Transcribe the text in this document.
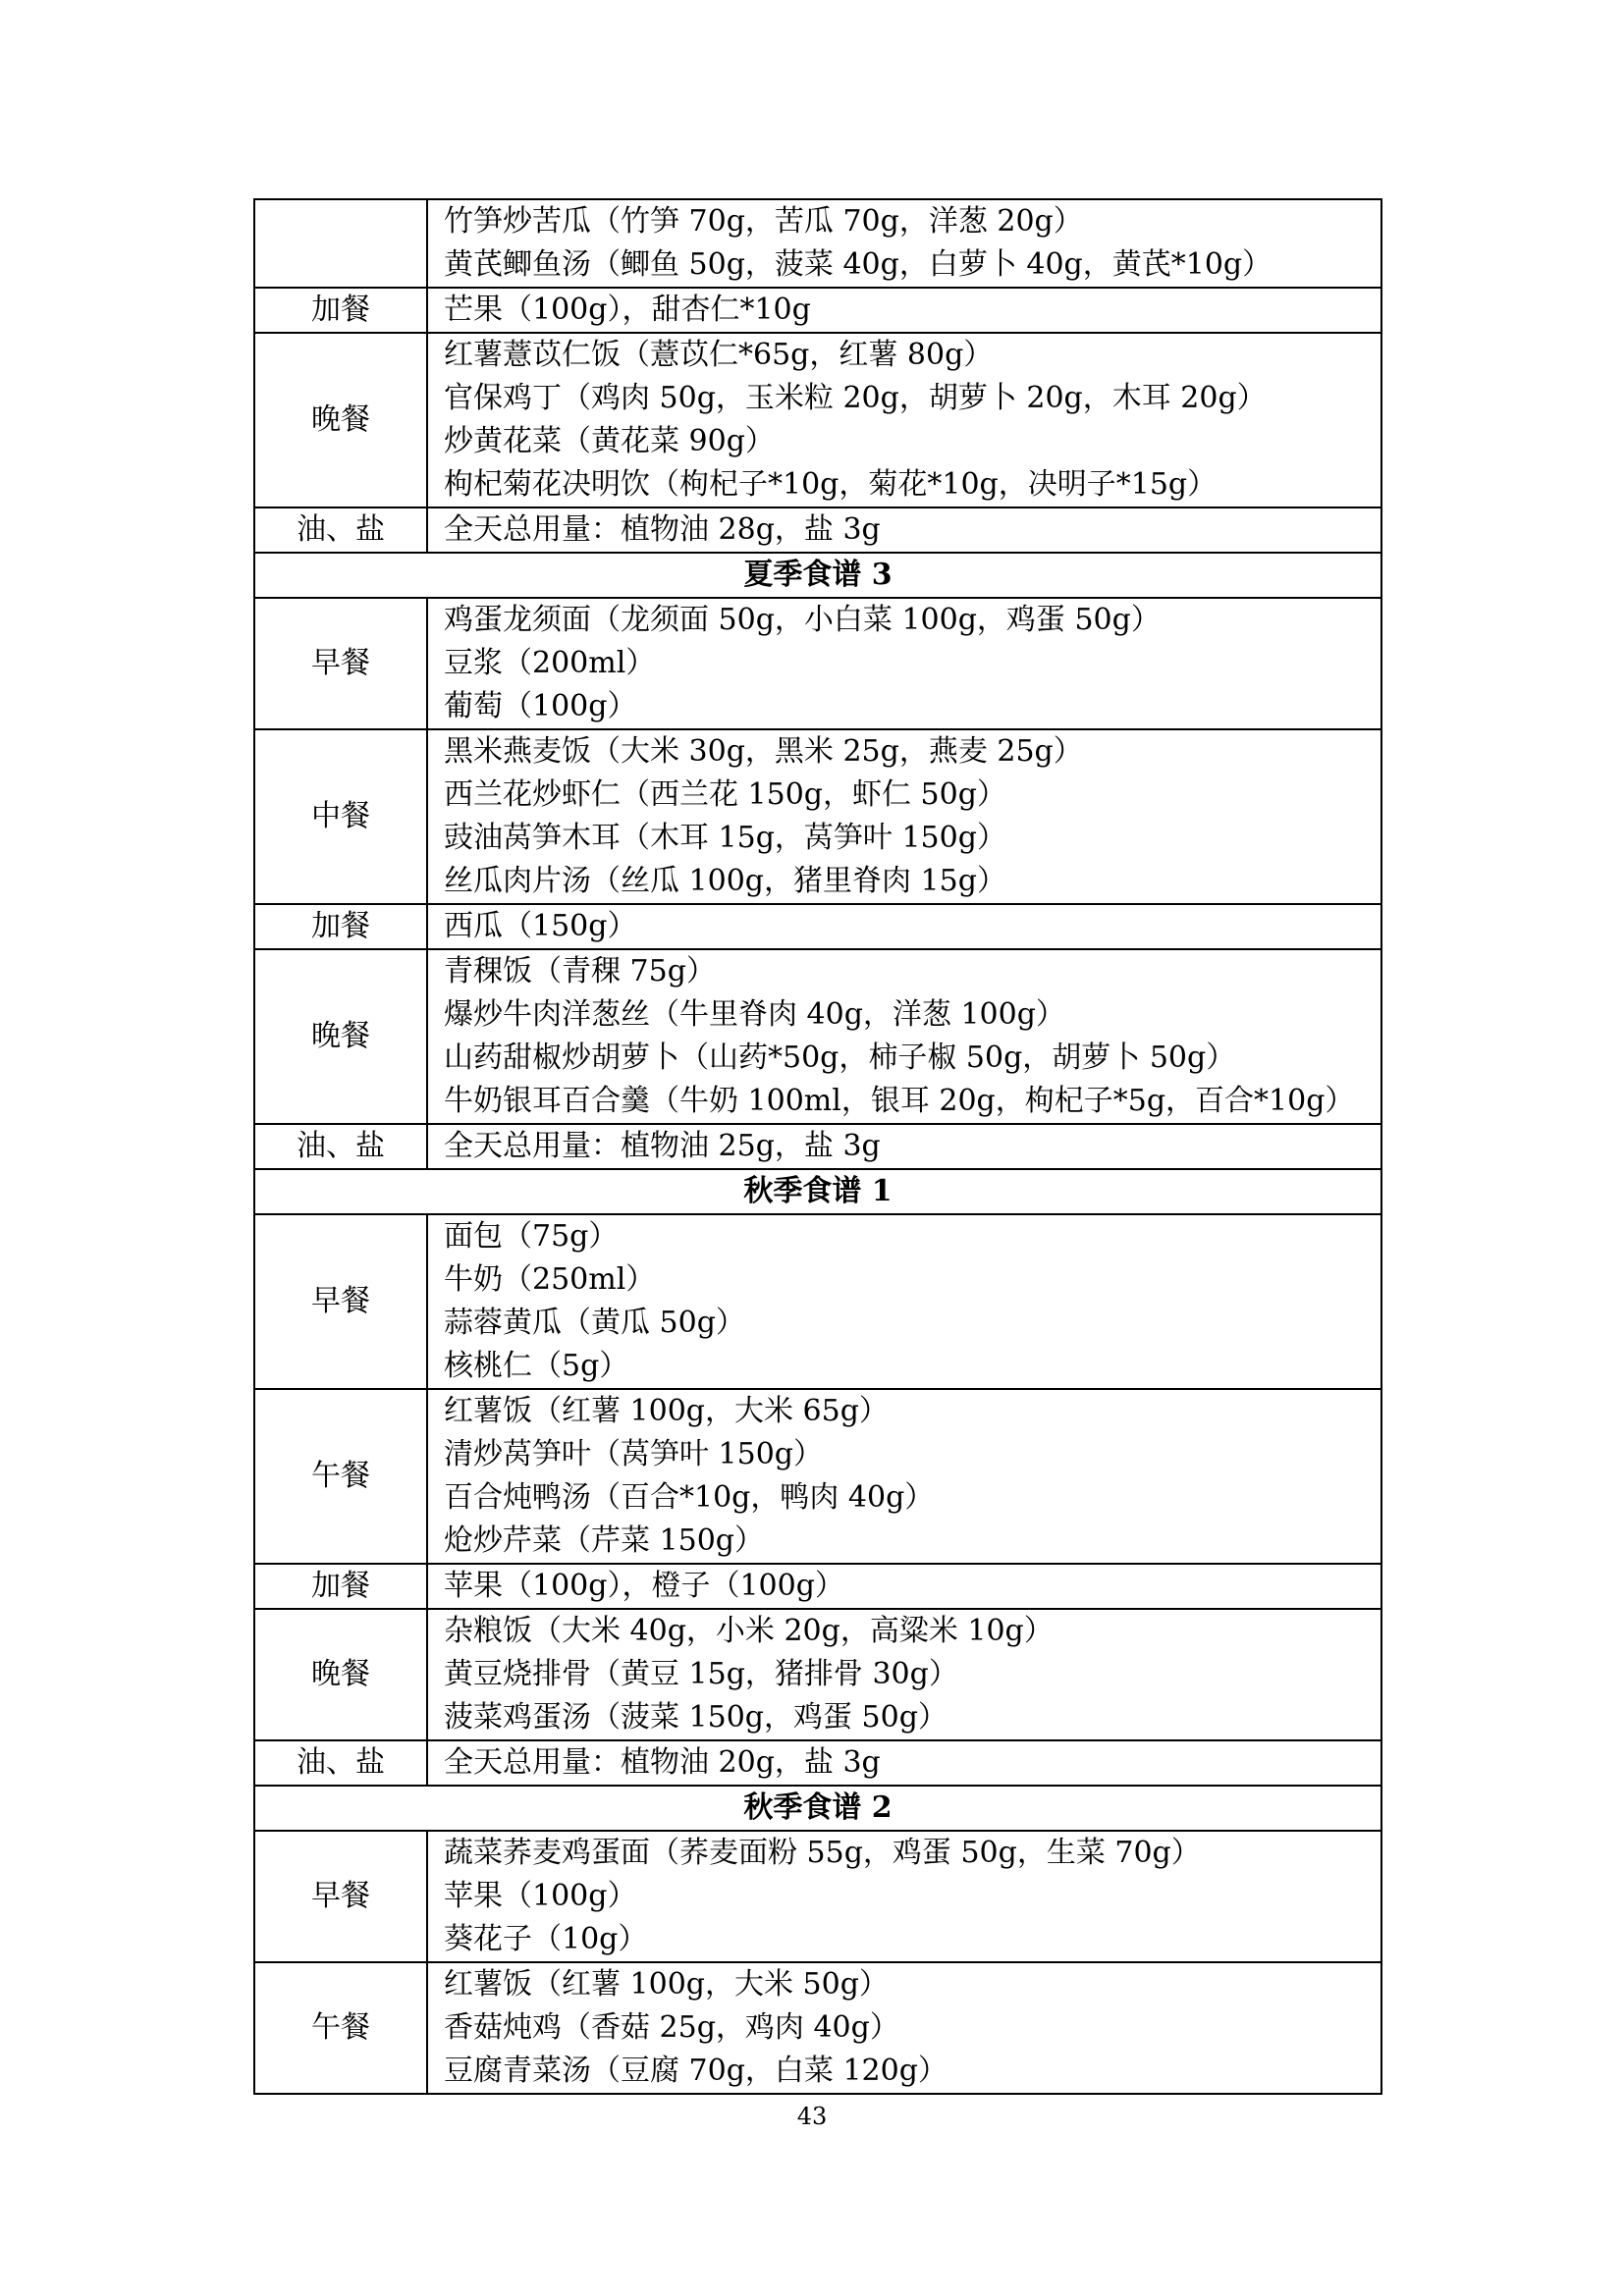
	竹笋炒苦瓜（竹笋 70g，苦瓜 70g，洋葱 20g）
黄芪鲫鱼汤（鲫鱼 50g，菠菜 40g，白萝卜 40g，黄芪*10g）

加餐	芒果（100g），甜杏仁*10g

晚餐	红薯薏苡仁饭（薏苡仁*65g，红薯 80g）
官保鸡丁（鸡肉 50g，玉米粒 20g，胡萝卜 20g，木耳 20g）
炒黄花菜（黄花菜 90g）
枸杞菊花决明饮（枸杞子*10g，菊花*10g，决明子*15g）

油、盐	全天总用量：植物油 28g，盐 3g

夏季食谱 3	
早餐	鸡蛋龙须面（龙须面 50g，小白菜 100g，鸡蛋 50g）
豆浆（200ml）
葡萄（100g）

中餐	黑米燕麦饭（大米 30g，黑米 25g，燕麦 25g）
西兰花炒虾仁（西兰花 150g，虾仁 50g）
豉油莴笋木耳（木耳 15g，莴笋叶 150g）
丝瓜肉片汤（丝瓜 100g，猪里脊肉 15g）

加餐	西瓜（150g）

晚餐	青稞饭（青稞 75g）
爆炒牛肉洋葱丝（牛里脊肉 40g，洋葱 100g）
山药甜椒炒胡萝卜（山药*50g，柿子椒 50g，胡萝卜 50g）
牛奶银耳百合羹（牛奶 100ml，银耳 20g，枸杞子*5g，百合*10g）

油、盐	全天总用量：植物油 25g，盐 3g

秋季食谱 1	
早餐	面包（75g）
牛奶（250ml）
蒜蓉黄瓜（黄瓜 50g）
核桃仁（5g）

午餐	红薯饭（红薯 100g，大米 65g）
清炒莴笋叶（莴笋叶 150g）
百合炖鸭汤（百合*10g，鸭肉 40g）
炝炒芹菜（芹菜 150g）

加餐	苹果（100g），橙子（100g）

晚餐	杂粮饭（大米 40g，小米 20g，高粱米 10g）
黄豆烧排骨（黄豆 15g，猪排骨 30g）
菠菜鸡蛋汤（菠菜 150g，鸡蛋 50g）

油、盐	全天总用量：植物油 20g，盐 3g

秋季食谱 2	
早餐	蔬菜荞麦鸡蛋面（荞麦面粉 55g，鸡蛋 50g，生菜 70g）
苹果（100g）
葵花子（10g）

午餐	红薯饭（红薯 100g，大米 50g）
香菇炖鸡（香菇 25g，鸡肉 40g）
豆腐青菜汤（豆腐 70g，白菜 120g）
43
